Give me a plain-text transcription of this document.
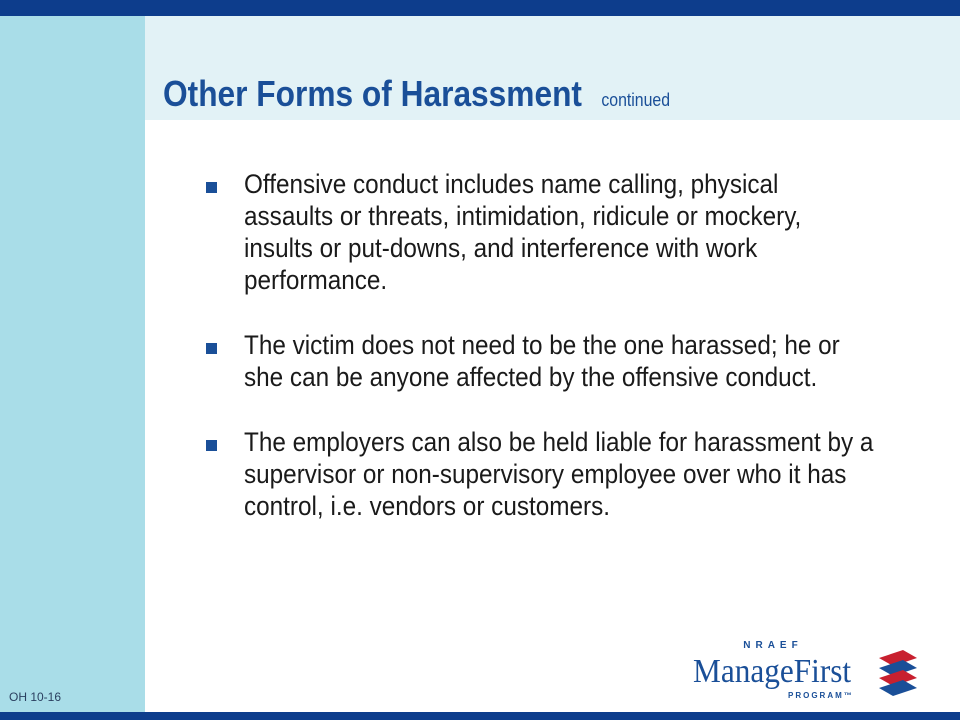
Other Forms of Harassment continued
Offensive conduct includes name calling, physical assaults or threats, intimidation, ridicule or mockery, insults or put-downs, and interference with work performance.
The victim does not need to be the one harassed; he or she can be anyone affected by the offensive conduct.
The employers can also be held liable for harassment by a supervisor or non-supervisory employee over who it has control, i.e. vendors or customers.
OH 10-16
NRAEF
ManageFirst
PROGRAM™
